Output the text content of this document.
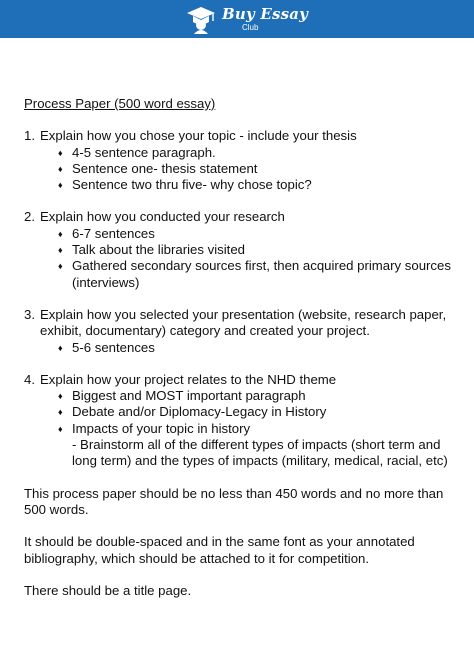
Buy Essay
Club
Process Paper (500 word essay)
1. Explain how you chose your topic - include your thesis
♦ 4-5 sentence paragraph.
♦ Sentence one- thesis statement
♦ Sentence two thru five- why chose topic?
2. Explain how you conducted your research
♦ 6-7 sentences
♦ Talk about the libraries visited
♦ Gathered secondary sources first, then acquired primary sources (interviews)
3. Explain how you selected your presentation (website, research paper, exhibit, documentary) category and created your project.
♦ 5-6 sentences
4. Explain how your project relates to the NHD theme
♦ Biggest and MOST important paragraph
♦ Debate and/or Diplomacy-Legacy in History
♦ Impacts of your topic in history
- Brainstorm all of the different types of impacts (short term and long term) and the types of impacts (military, medical, racial, etc)

This process paper should be no less than 450 words and no more than 500 words.

It should be double-spaced and in the same font as your annotated bibliography, which should be attached to it for competition.

There should be a title page.
